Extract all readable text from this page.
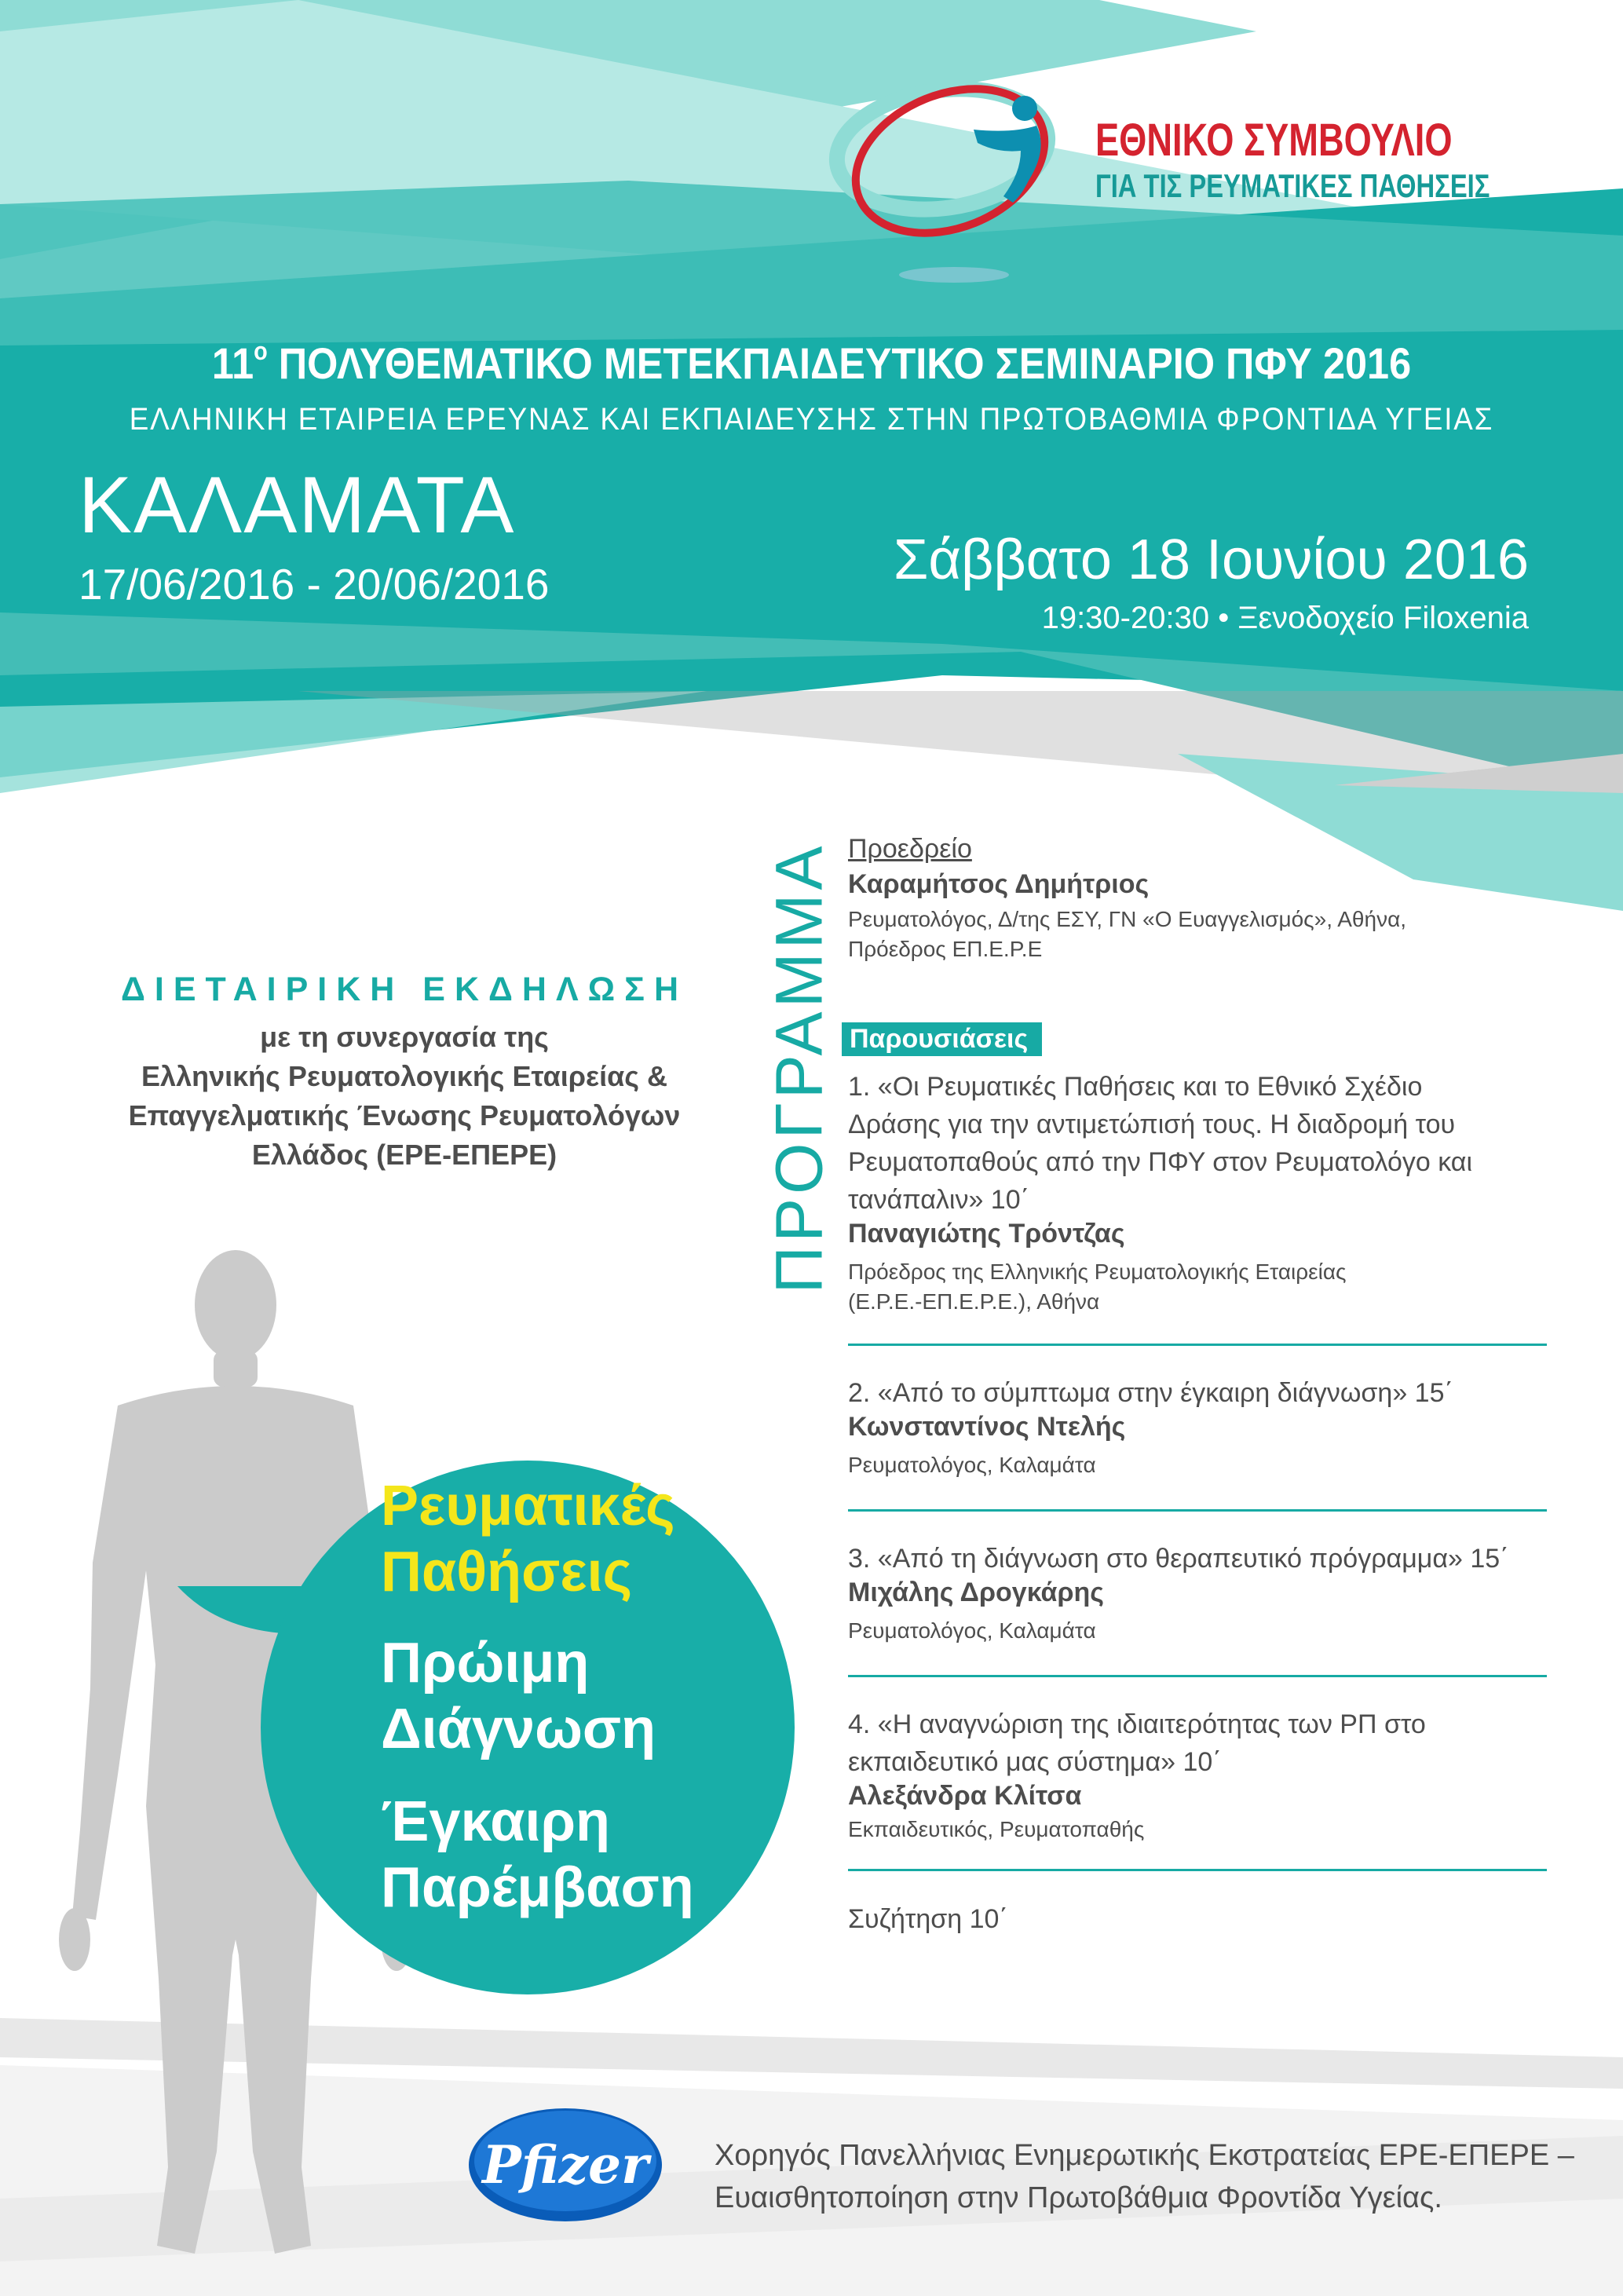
ΕΘΝΙΚΟ ΣΥΜΒΟΥΛΙΟ
ΓΙΑ ΤΙΣ ΡΕΥΜΑΤΙΚΕΣ ΠΑΘΗΣΕΙΣ
$11^o$ ΠΟΛΥΘΕΜΑΤΙΚΟ ΜΕΤΕΚΠΑΙΔΕΥΤΙΚΟ ΣΕΜΙΝΑΡΙΟ ΠΦΥ 2016
ΕΛΛΗΝΙΚΗ ΕΤΑΙΡΕΙΑ ΕΡΕΥΝΑΣ ΚΑΙ ΕΚΠΑΙΔΕΥΣΗΣ ΣΤΗΝ ΠΡΩΤΟΒΑΘΜΙΑ ΦΡΟΝΤΙΔΑ ΥΓΕΙΑΣ
ΚΑΛΑΜΑΤΑ
17/06/2016 - 20/06/2016	Σάββατο 18 Ιουνίου 2016
19:30-20:30 • Ξενοδοχείο Filoxenia
ΔΙΕΤΑΙΡΙΚΗ ΕΚΔΗΛΩΣΗ
με τη συνεργασία της
Ελληνικής Ρευματολογικής Εταιρείας &
Επαγγελματικής Ένωσης Ρευματολόγων
Ελλάδος (ΕΡΕ-ΕΠΕΡΕ)
Ρευματικές
Παθήσεις
Πρώιμη
Διάγνωση
Έγκαιρη
Παρέμβαση
ΠΡΟΓΡΑΜΜΑ Προεδρείο
Καραμήτσος Δημήτριος
Ρευματολόγος, Δ/της ΕΣΥ, ΓΝ «Ο Ευαγγελισμός», Αθήνα,
Πρόεδρος ΕΠ.Ε.Ρ.Ε
Παρουσιάσεις
1. «Οι Ρευματικές Παθήσεις και το Εθνικό Σχέδιο
Δράσης για την αντιμετώπισή τους. Η διαδρομή του
Ρευματοπαθούς από την ΠΦΥ στον Ρευματολόγο και
τανάπαλιν» 10΄
Παναγιώτης Τρόντζας
Πρόεδρος της Ελληνικής Ρευματολογικής Εταιρείας
(Ε.Ρ.Ε.-ΕΠ.Ε.Ρ.Ε.), Αθήνα
2. «Από το σύμπτωμα στην έγκαιρη διάγνωση» 15΄
Κωνσταντίνος Ντελής
Ρευματολόγος, Καλαμάτα
3. «Από τη διάγνωση στο θεραπευτικό πρόγραμμα» 15΄
Μιχάλης Δρογκάρης
Ρευματολόγος, Καλαμάτα
4. «Η αναγνώριση της ιδιαιτερότητας των ΡΠ στο
εκπαιδευτικό μας σύστημα» 10΄
Αλεξάνδρα Κλίτσα
Εκπαιδευτικός, Ρευματοπαθής
Συζήτηση 10΄
Pfizer	Χορηγός Πανελλήνιας Ενημερωτικής Εκστρατείας ΕΡΕ-ΕΠΕΡΕ –
Ευαισθητοποίηση στην Πρωτοβάθμια Φροντίδα Υγείας.
